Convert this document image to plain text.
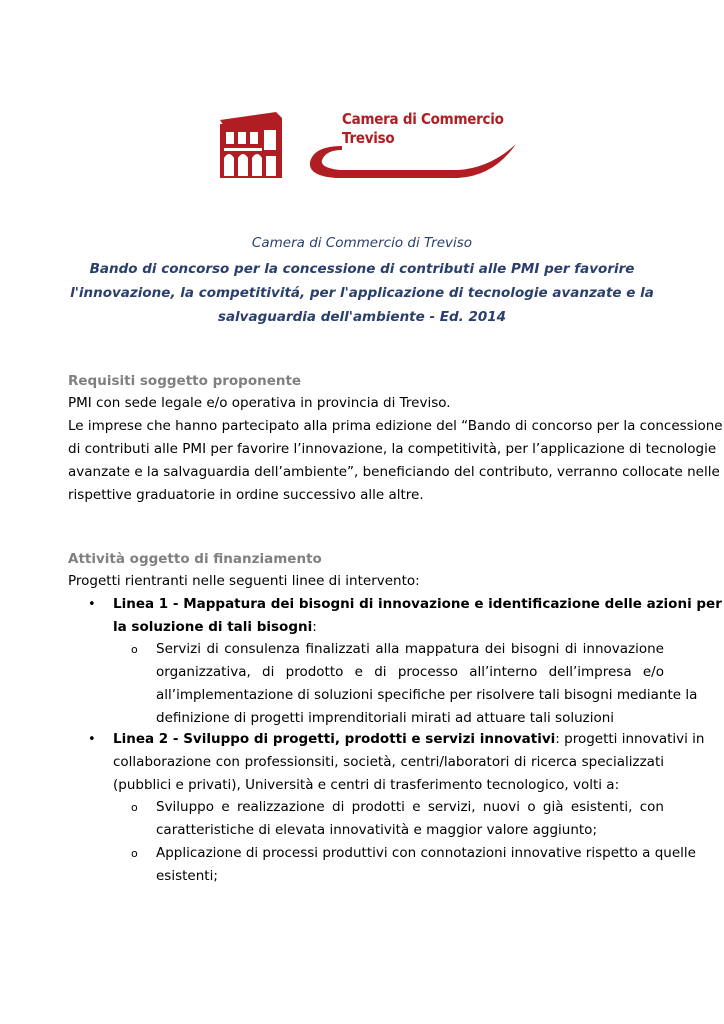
Camera di Commercio
Treviso
Camera di Commercio di Treviso
Bando di concorso per la concessione di contributi alle PMI per favorire
l'innovazione, la competitivitá, per l'applicazione di tecnologie avanzate e la
salvaguardia dell'ambiente - Ed. 2014
Requisiti soggetto proponente
PMI con sede legale e/o operativa in provincia di Treviso.
Le imprese che hanno partecipato alla prima edizione del “Bando di concorso per la concessione
di contributi alle PMI per favorire l’innovazione, la competitività, per l’applicazione di tecnologie
avanzate e la salvaguardia dell’ambiente”, beneficiando del contributo, verranno collocate nelle
rispettive graduatorie in ordine successivo alle altre.
Attività oggetto di finanziamento
Progetti rientranti nelle seguenti linee di intervento:
• Linea 1 - Mappatura dei bisogni di innovazione e identificazione delle azioni per
la soluzione di tali bisogni:
o Servizi di consulenza finalizzati alla mappatura dei bisogni di innovazione
organizzativa, di prodotto e di processo all’interno dell’impresa e/o
all’implementazione di soluzioni specifiche per risolvere tali bisogni mediante la
definizione di progetti imprenditoriali mirati ad attuare tali soluzioni
• Linea 2 - Sviluppo di progetti, prodotti e servizi innovativi: progetti innovativi in
collaborazione con professionsiti, società, centri/laboratori di ricerca specializzati
(pubblici e privati), Università e centri di trasferimento tecnologico, volti a:
o Sviluppo e realizzazione di prodotti e servizi, nuovi o già esistenti, con
caratteristiche di elevata innovatività e maggior valore aggiunto;
o Applicazione di processi produttivi con connotazioni innovative rispetto a quelle
esistenti;
